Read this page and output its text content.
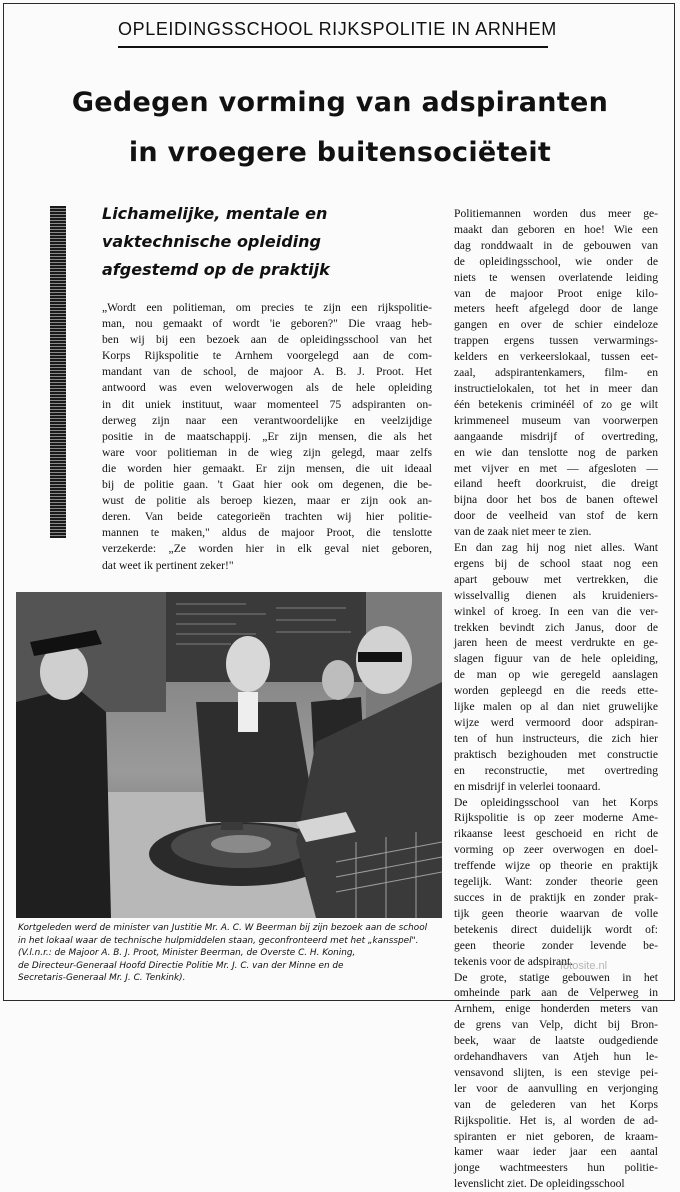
OPLEIDINGSSCHOOL RIJKSPOLITIE IN ARNHEM
Gedegen vorming van adspiranten
in vroegere buitensociëteit
Lichamelijke, mentale en
vaktechnische opleiding
afgestemd op de praktijk
„Wordt een politieman, om precies te zijn een rijkspolitie-
man, nou gemaakt of wordt 'ie geboren?" Die vraag heb-
ben wij bij een bezoek aan de opleidingsschool van het
Korps Rijkspolitie te Arnhem voorgelegd aan de com-
mandant van de school, de majoor A. B. J. Proot. Het
antwoord was even weloverwogen als de hele opleiding
in dit uniek instituut, waar momenteel 75 adspiranten on-
derweg zijn naar een verantwoordelijke en veelzijdige
positie in de maatschappij. „Er zijn mensen, die als het
ware voor politieman in de wieg zijn gelegd, maar zelfs
die worden hier gemaakt. Er zijn mensen, die uit ideaal
bij de politie gaan. 't Gaat hier ook om degenen, die be-
wust de politie als beroep kiezen, maar er zijn ook an-
deren. Van beide categorieën trachten wij hier politie-
mannen te maken," aldus de majoor Proot, die tenslotte
verzekerde: „Ze worden hier in elk geval niet geboren,
dat weet ik pertinent zeker!"
Politiemannen worden dus meer ge-
maakt dan geboren en hoe! Wie een
dag ronddwaalt in de gebouwen van
de opleidingsschool, wie onder de
niets te wensen overlatende leiding
van de majoor Proot enige kilo-
meters heeft afgelegd door de lange
gangen en over de schier eindeloze
trappen ergens tussen verwarmings-
kelders en verkeerslokaal, tussen eet-
zaal, adspirantenkamers, film- en
instructielokalen, tot het in meer dan
één betekenis criminéél of zo ge wilt
krimmeneel museum van voorwerpen
aangaande misdrijf of overtreding,
en wie dan tenslotte nog de parken
met vijver en met — afgesloten —
eiland heeft doorkruist, die dreigt
bijna door het bos de banen oftewel
door de veelheid van stof de kern
van de zaak niet meer te zien.
En dan zag hij nog niet alles. Want
ergens bij de school staat nog een
apart gebouw met vertrekken, die
wisselvallig dienen als kruideniers-
winkel of kroeg. In een van die ver-
trekken bevindt zich Janus, door de
jaren heen de meest verdrukte en ge-
slagen figuur van de hele opleiding,
de man op wie geregeld aanslagen
worden gepleegd en die reeds ette-
lijke malen op al dan niet gruwelijke
wijze werd vermoord door adspiran-
ten of hun instructeurs, die zich hier
praktisch bezighouden met constructie
en reconstructie, met overtreding
en misdrijf in velerlei toonaard.
De opleidingsschool van het Korps
Rijkspolitie is op zeer moderne Ame-
rikaanse leest geschoeid en richt de
vorming op zeer overwogen en doel-
treffende wijze op theorie en praktijk
tegelijk. Want: zonder theorie geen
succes in de praktijk en zonder prak-
tijk geen theorie waarvan de volle
betekenis direct duidelijk wordt of:
geen theorie zonder levende be-
tekenis voor de adspirant.
De grote, statige gebouwen in het
omheinde park aan de Velperweg in
Arnhem, enige honderden meters van
de grens van Velp, dicht bij Bron-
beek, waar de laatste oudgediende
ordehandhavers van Atjeh hun le-
vensavond slijten, is een stevige pei-
ler voor de aanvulling en verjonging
van de gelederen van het Korps
Rijkspolitie. Het is, al worden de ad-
spiranten er niet geboren, de kraam-
kamer waar ieder jaar een aantal
jonge wachtmeesters hun politie-
levenslicht ziet. De opleidingsschool
Kortgeleden werd de minister van Justitie Mr. A. C. W Beerman bij zijn bezoek aan de school
in het lokaal waar de technische hulpmiddelen staan, geconfronteerd met het „kansspel".
(V.l.n.r.: de Majoor A. B. J. Proot, Minister Beerman, de Overste C. H. Koning,
de Directeur-Generaal Hoofd Directie Politie Mr. J. C. van der Minne en de
Secretaris-Generaal Mr. J. C. Tenkink).
fotosite.nl
